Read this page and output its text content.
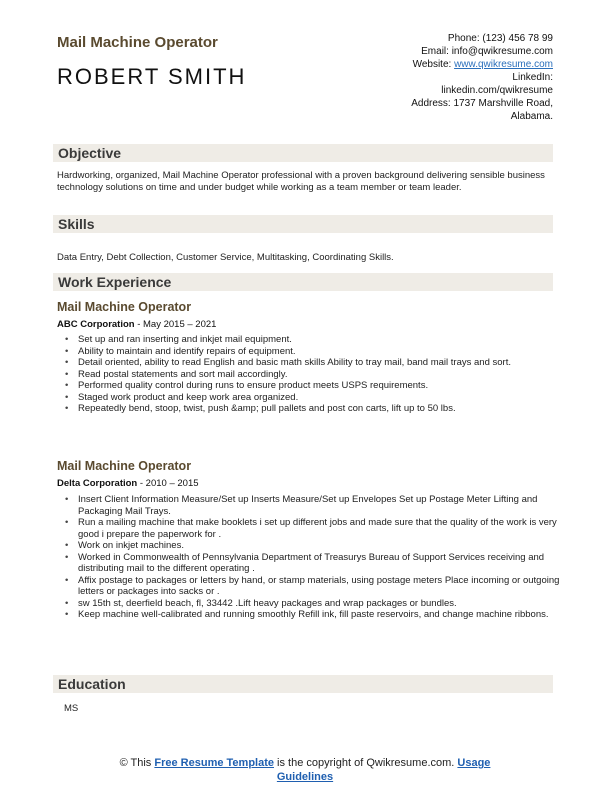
Mail Machine Operator
ROBERT SMITH
Phone: (123) 456 78 99
Email: info@qwikresume.com
Website: www.qwikresume.com
LinkedIn:
linkedin.com/qwikresume
Address: 1737 Marshville Road,
Alabama.
Objective
Hardworking, organized, Mail Machine Operator professional with a proven background delivering sensible business technology solutions on time and under budget while working as a team member or team leader.
Skills
Data Entry, Debt Collection, Customer Service, Multitasking, Coordinating Skills.
Work Experience
Mail Machine Operator
ABC Corporation - May 2015 – 2021
• Set up and ran inserting and inkjet mail equipment.
• Ability to maintain and identify repairs of equipment.
• Detail oriented, ability to read English and basic math skills Ability to tray mail, band mail trays and sort.
• Read postal statements and sort mail accordingly.
• Performed quality control during runs to ensure product meets USPS requirements.
• Staged work product and keep work area organized.
• Repeatedly bend, stoop, twist, push &amp; pull pallets and post con carts, lift up to 50 lbs.
Mail Machine Operator
Delta Corporation - 2010 – 2015
• Insert Client Information Measure/Set up Inserts Measure/Set up Envelopes Set up Postage Meter Lifting and Packaging Mail Trays.
• Run a mailing machine that make booklets i set up different jobs and made sure that the quality of the work is very good i prepare the paperwork for .
• Work on inkjet machines.
• Worked in Commonwealth of Pennsylvania Department of Treasurys Bureau of Support Services receiving and distributing mail to the different operating .
• Affix postage to packages or letters by hand, or stamp materials, using postage meters Place incoming or outgoing letters or packages into sacks or .
• sw 15th st, deerfield beach, fl, 33442 .Lift heavy packages and wrap packages or bundles.
• Keep machine well-calibrated and running smoothly Refill ink, fill paste reservoirs, and change machine ribbons.
Education
MS
© This Free Resume Template is the copyright of Qwikresume.com. Usage
Guidelines
